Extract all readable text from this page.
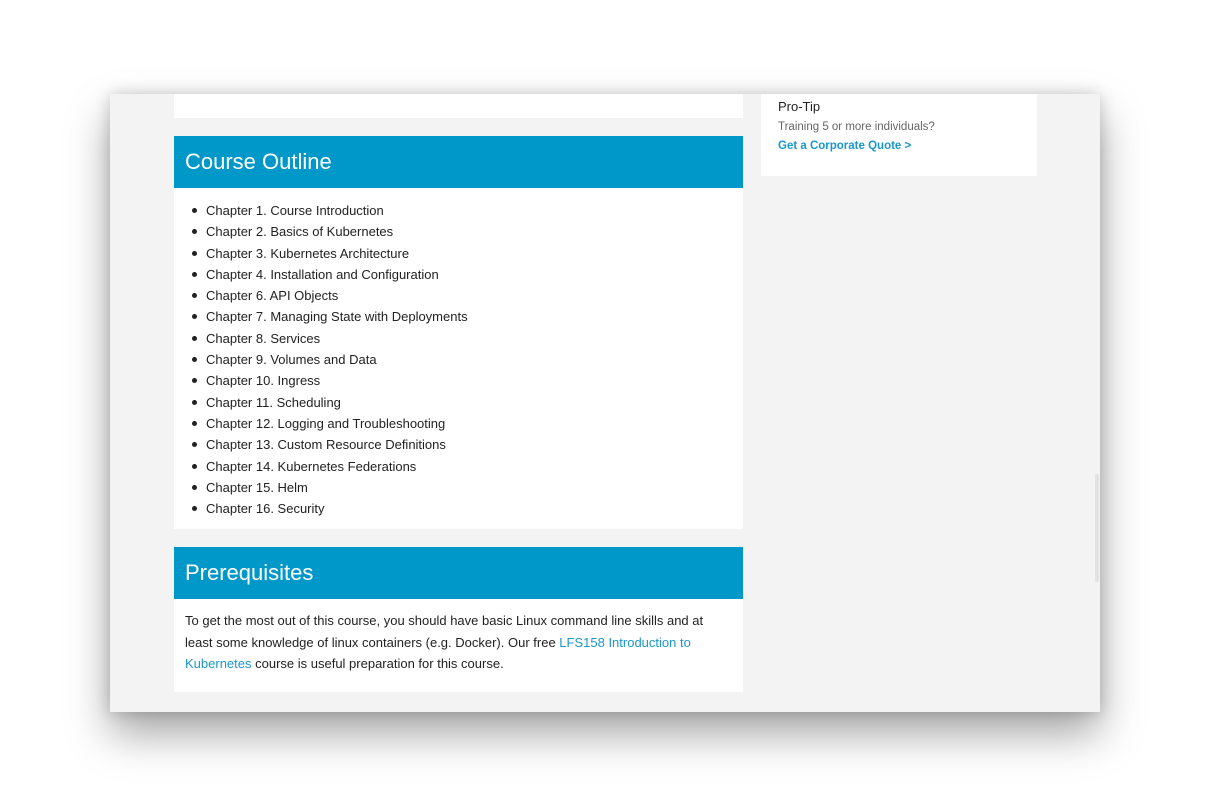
Course Outline
Chapter 1. Course Introduction
Chapter 2. Basics of Kubernetes
Chapter 3. Kubernetes Architecture
Chapter 4. Installation and Configuration
Chapter 6. API Objects
Chapter 7. Managing State with Deployments
Chapter 8. Services
Chapter 9. Volumes and Data
Chapter 10. Ingress
Chapter 11. Scheduling
Chapter 12. Logging and Troubleshooting
Chapter 13. Custom Resource Definitions
Chapter 14. Kubernetes Federations
Chapter 15. Helm
Chapter 16. Security
Prerequisites

To get the most out of this course, you should have basic Linux command line skills and at least some knowledge of linux containers (e.g. Docker). Our free LFS158 Introduction to Kubernetes course is useful preparation for this course.

Pro-Tip
Training 5 or more individuals?
Get a Corporate Quote >
